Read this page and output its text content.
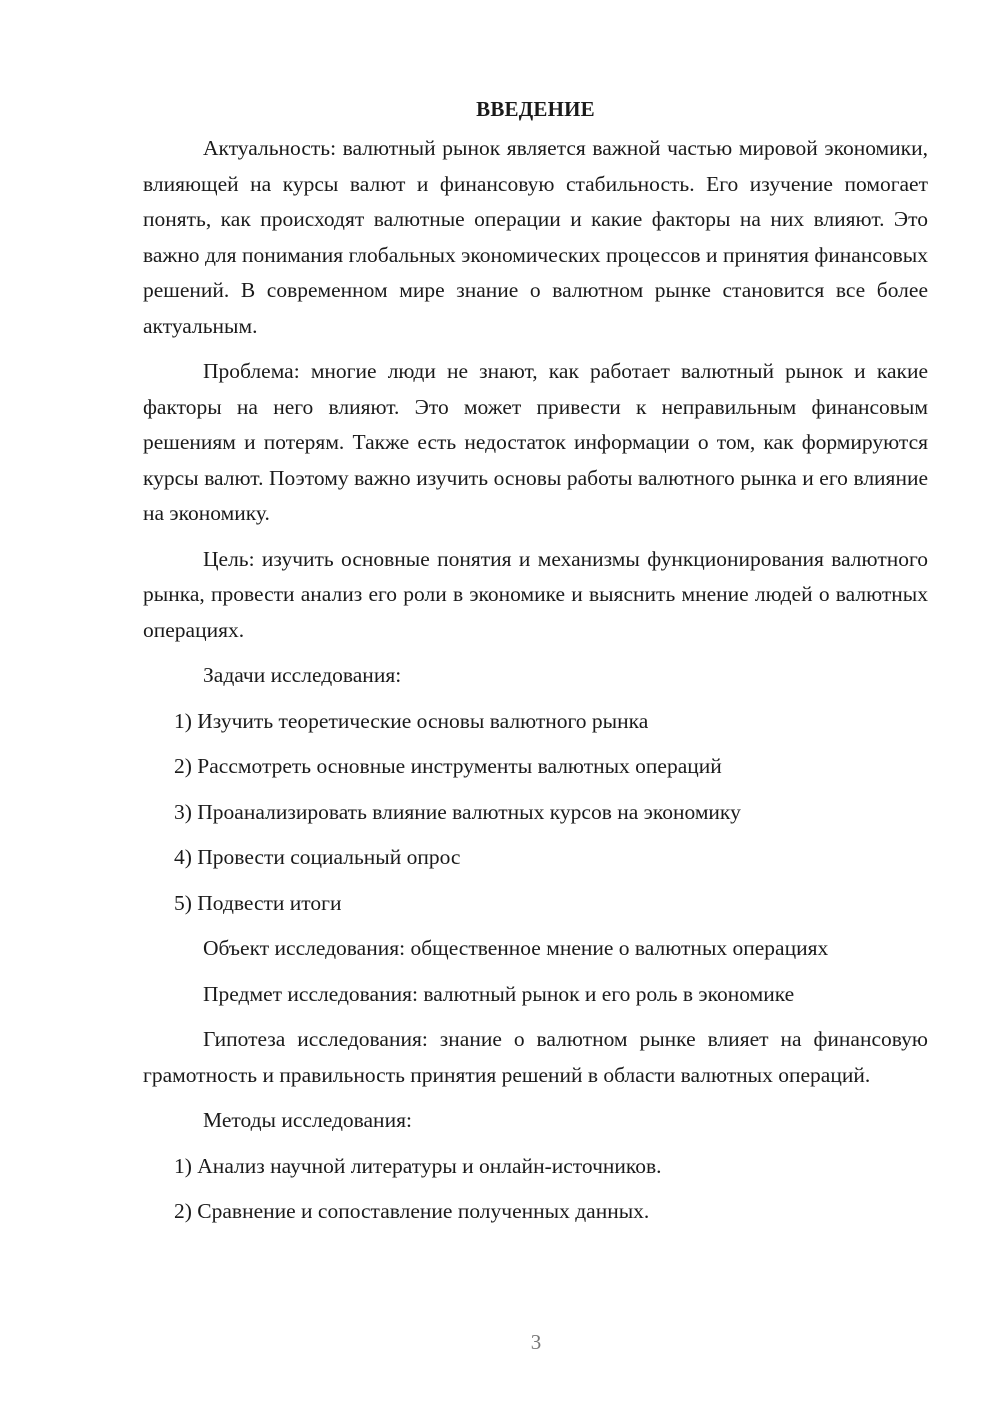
ВВЕДЕНИЕ

Актуальность: валютный рынок является важной частью мировой экономики, влияющей на курсы валют и финансовую стабильность. Его изучение помогает понять, как происходят валютные операции и какие факторы на них влияют. Это важно для понимания глобальных экономических процессов и принятия финансовых решений. В современном мире знание о валютном рынке становится все более актуальным.

Проблема: многие люди не знают, как работает валютный рынок и какие факторы на него влияют. Это может привести к неправильным финансовым решениям и потерям. Также есть недостаток информации о том, как формируются курсы валют. Поэтому важно изучить основы работы валютного рынка и его влияние на экономику.

Цель: изучить основные понятия и механизмы функционирования валютного рынка, провести анализ его роли в экономике и выяснить мнение людей о валютных операциях.

Задачи исследования:
1) Изучить теоретические основы валютного рынка
2) Рассмотреть основные инструменты валютных операций
3) Проанализировать влияние валютных курсов на экономику
4) Провести социальный опрос
5) Подвести итоги
Объект исследования: общественное мнение о валютных операциях
Предмет исследования: валютный рынок и его роль в экономике

Гипотеза исследования: знание о валютном рынке влияет на финансовую грамотность и правильность принятия решений в области валютных операций.

Методы исследования:
1) Анализ научной литературы и онлайн-источников.
2) Сравнение и сопоставление полученных данных.
3
